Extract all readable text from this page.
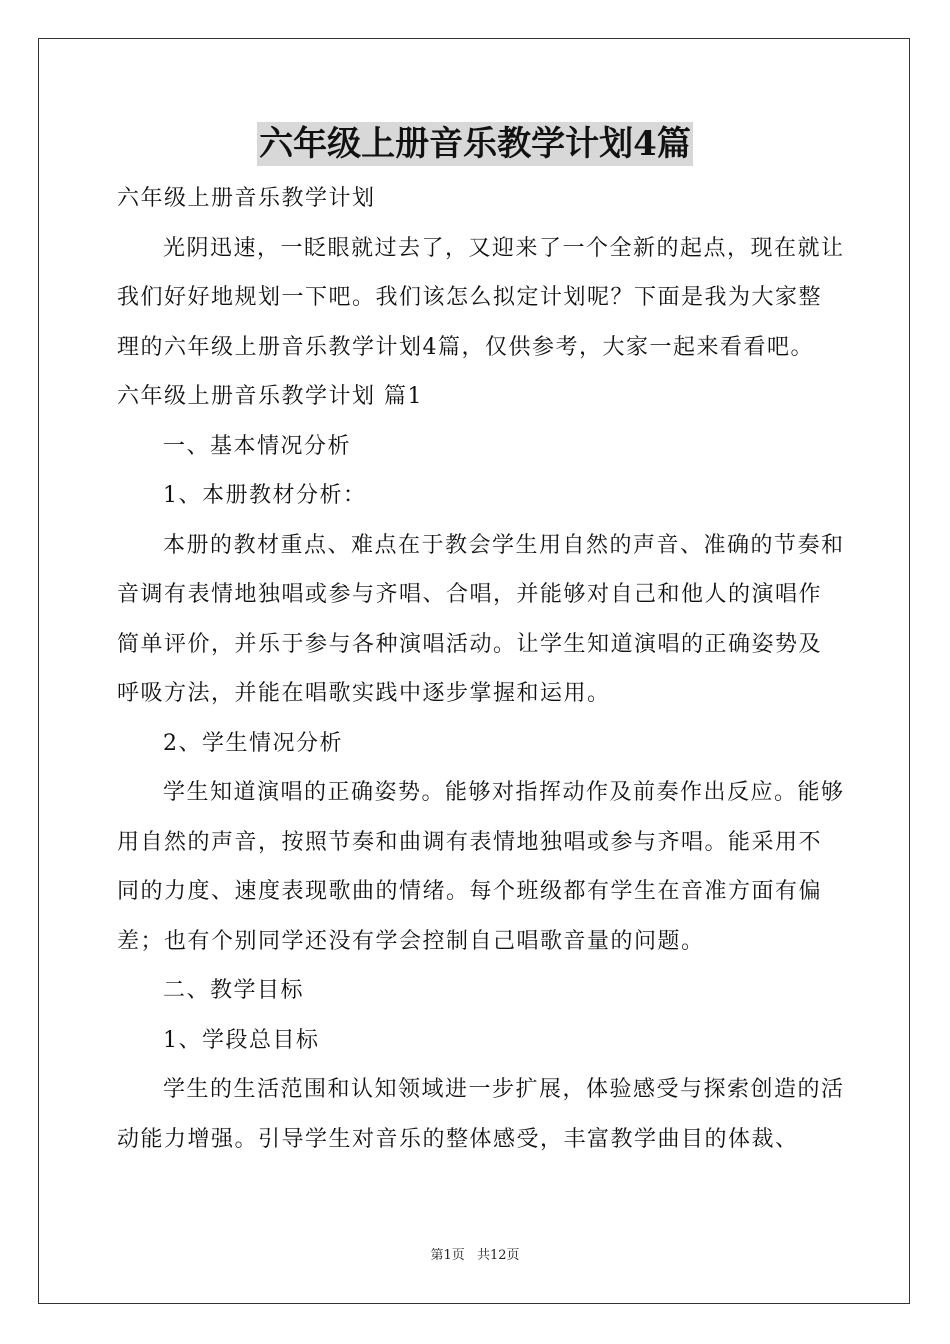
六年级上册音乐教学计划4篇

六年级上册音乐教学计划

光阴迅速，一眨眼就过去了，又迎来了一个全新的起点，现在就让我们好好地规划一下吧。我们该怎么拟定计划呢？下面是我为大家整理的六年级上册音乐教学计划4篇，仅供参考，大家一起来看看吧。

六年级上册音乐教学计划 篇1

一、基本情况分析

1、本册教材分析：

本册的教材重点、难点在于教会学生用自然的声音、准确的节奏和音调有表情地独唱或参与齐唱、合唱，并能够对自己和他人的演唱作简单评价，并乐于参与各种演唱活动。让学生知道演唱的正确姿势及呼吸方法，并能在唱歌实践中逐步掌握和运用。

2、学生情况分析

学生知道演唱的正确姿势。能够对指挥动作及前奏作出反应。能够用自然的声音，按照节奏和曲调有表情地独唱或参与齐唱。能采用不同的力度、速度表现歌曲的情绪。每个班级都有学生在音准方面有偏差；也有个别同学还没有学会控制自己唱歌音量的问题。

二、教学目标

1、学段总目标

学生的生活范围和认知领域进一步扩展，体验感受与探索创造的活动能力增强。引导学生对音乐的整体感受，丰富教学曲目的体裁、

第1页 共12页
